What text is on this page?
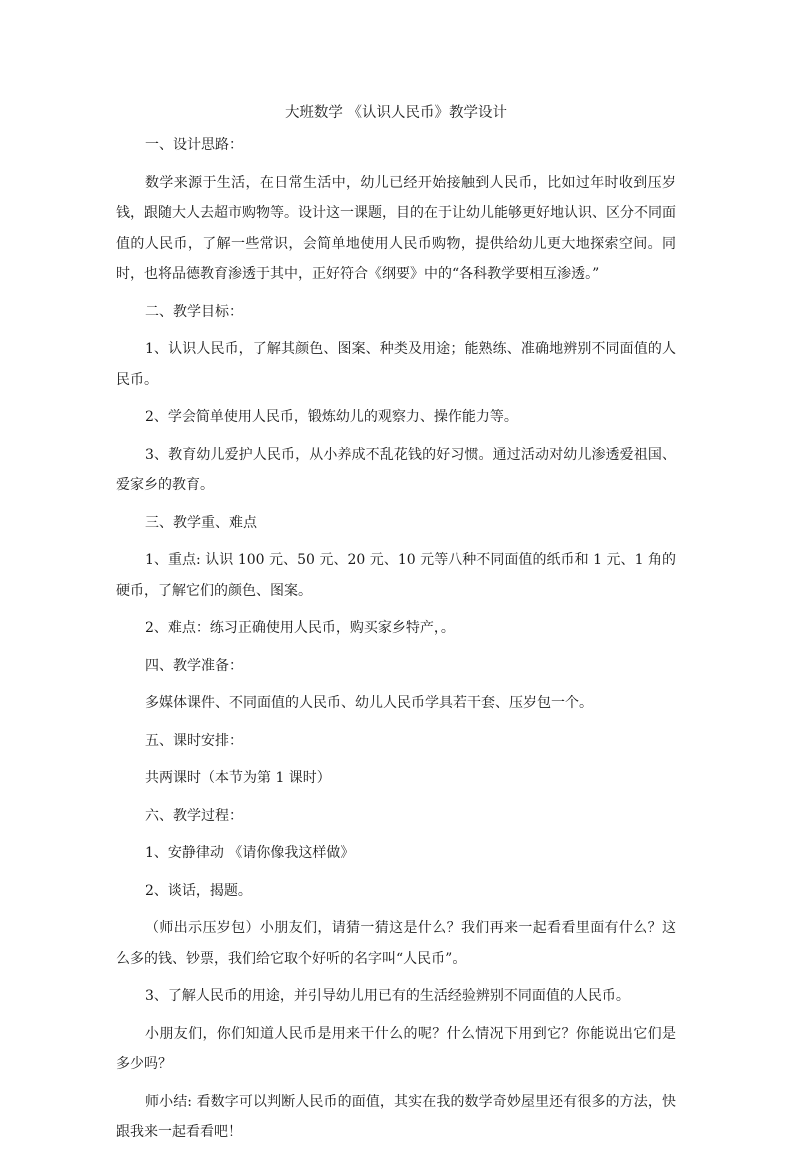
大班数学 《认识人民币》教学设计
一、设计思路：
数学来源于生活，在日常生活中，幼儿已经开始接触到人民币，比如过年时收到压岁钱，跟随大人去超市购物等。设计这一课题，目的在于让幼儿能够更好地认识、区分不同面值的人民币，了解一些常识，会简单地使用人民币购物，提供给幼儿更大地探索空间。同时，也将品德教育渗透于其中，正好符合《纲要》中的“各科教学要相互渗透。”
二、教学目标：
1、认识人民币，了解其颜色、图案、种类及用途；能熟练、准确地辨别不同面值的人民币。
2、学会简单使用人民币，锻炼幼儿的观察力、操作能力等。
3、教育幼儿爱护人民币，从小养成不乱花钱的好习惯。通过活动对幼儿渗透爱祖国、爱家乡的教育。
三、教学重、难点
1、重点: 认识 100 元、50 元、20 元、10 元等八种不同面值的纸币和 1 元、1 角的硬币，了解它们的颜色、图案。
2、难点：练习正确使用人民币，购买家乡特产，。
四、教学准备：
多媒体课件、不同面值的人民币、幼儿人民币学具若干套、压岁包一个。
五、课时安排：
共两课时（本节为第 1 课时）
六、教学过程：
1、安静律动 《请你像我这样做》
2、谈话，揭题。
（师出示压岁包）小朋友们，请猜一猜这是什么？我们再来一起看看里面有什么？这么多的钱、钞票，我们给它取个好听的名字叫“人民币”。
3、了解人民币的用途，并引导幼儿用已有的生活经验辨别不同面值的人民币。
小朋友们，你们知道人民币是用来干什么的呢？什么情况下用到它？你能说出它们是多少吗？
师小结: 看数字可以判断人民币的面值，其实在我的数学奇妙屋里还有很多的方法，快跟我来一起看看吧！
